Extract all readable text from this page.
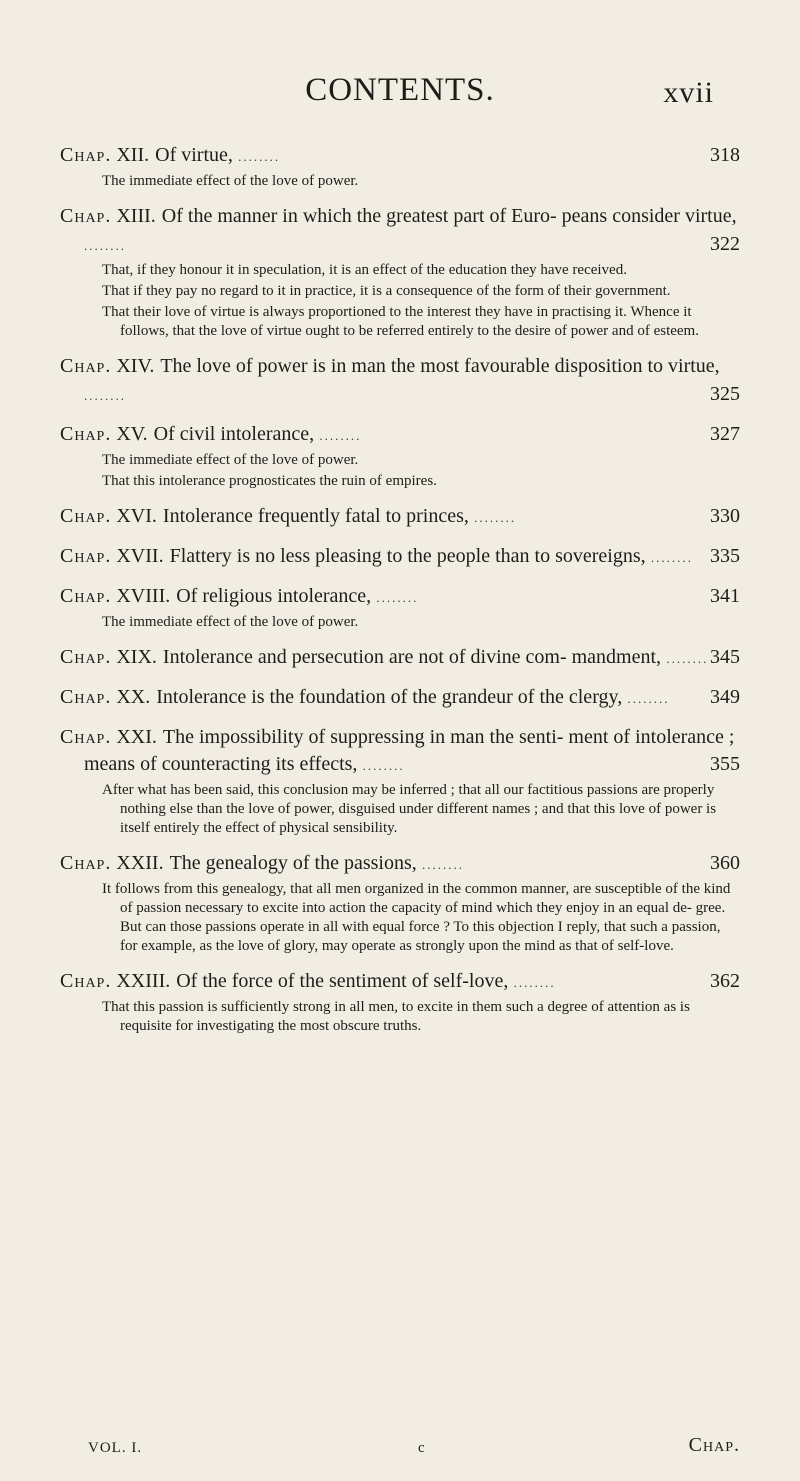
CONTENTS.	xvii
Chap. XII. Of virtue, ........	318

The immediate effect of the love of power.

Chap. XIII. Of the manner in which the greatest part of Euro- peans consider virtue, ........	322

That, if they honour it in speculation, it is an effect of the education they have received.

That if they pay no regard to it in practice, it is a consequence of the form of their government.

That their love of virtue is always proportioned to the interest they have in practising it. Whence it follows, that the love of virtue ought to be referred entirely to the desire of power and of esteem.

Chap. XIV. The love of power is in man the most favourable disposition to virtue, ........	325
Chap. XV. Of civil intolerance, ........	327

The immediate effect of the love of power.

That this intolerance prognosticates the ruin of empires.

Chap. XVI. Intolerance frequently fatal to princes, ........	330
Chap. XVII. Flattery is no less pleasing to the people than to sovereigns, ........ 335
Chap. XVIII. Of religious intolerance, ........	341

The immediate effect of the love of power.

Chap. XIX. Intolerance and persecution are not of divine com- mandment, ........ 345
Chap. XX. Intolerance is the foundation of the grandeur of the clergy, ........ 349
Chap. XXI. The impossibility of suppressing in man the senti- ment of intolerance ; means of counteracting its effects, ........	355

After what has been said, this conclusion may be inferred ; that all our factitious passions are properly nothing else than the love of power, disguised under different names ; and that this love of power is itself entirely the effect of physical sensibility.

Chap. XXII. The genealogy of the passions, ........	360

It follows from this genealogy, that all men organized in the common manner, are susceptible of the kind of passion necessary to excite into action the capacity of mind which they enjoy in an equal de- gree. But can those passions operate in all with equal force ? To this objection I reply, that such a passion, for example, as the love of glory, may operate as strongly upon the mind as that of self-love.

Chap. XXIII. Of the force of the sentiment of self-love, ........	362

That this passion is sufficiently strong in all men, to excite in them such a degree of attention as is requisite for investigating the most obscure truths.

VOL. I.	c	Chap.
